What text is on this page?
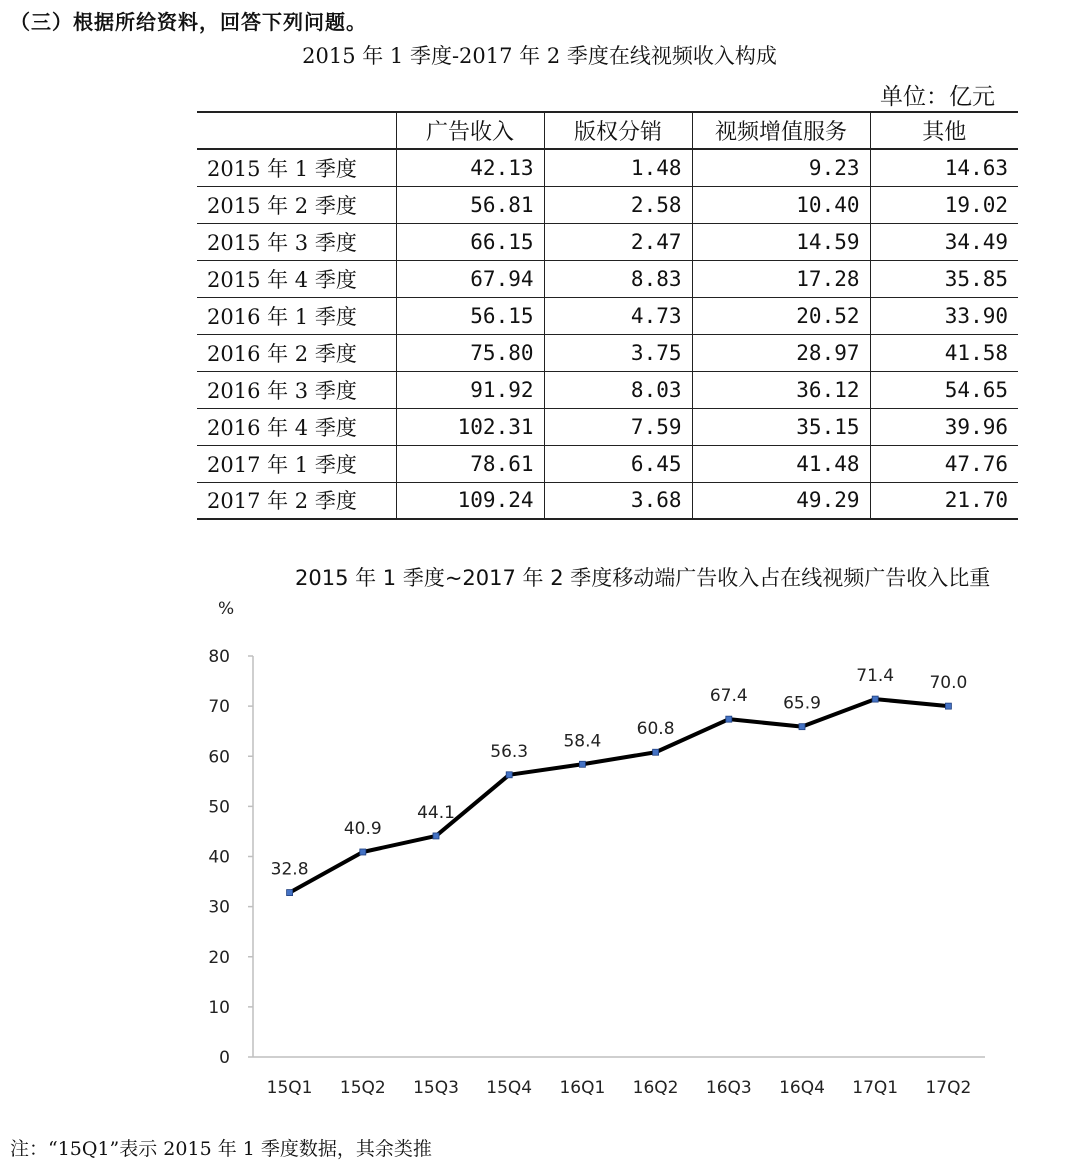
（三）根据所给资料，回答下列问题。
2015 年 1 季度-2017 年 2 季度在线视频收入构成
单位：亿元
	广告收入	版权分销	视频增值服务	其他
2015 年 1 季度	42.13	1.48	9.23	14.63
2015 年 2 季度	56.81	2.58	10.40	19.02
2015 年 3 季度	66.15	2.47	14.59	34.49
2015 年 4 季度	67.94	8.83	17.28	35.85
2016 年 1 季度	56.15	4.73	20.52	33.90
2016 年 2 季度	75.80	3.75	28.97	41.58
2016 年 3 季度	91.92	8.03	36.12	54.65
2016 年 4 季度	102.31	7.59	35.15	39.96
2017 年 1 季度	78.61	6.45	41.48	47.76
2017 年 2 季度	109.24	3.68	49.29	21.70
2015 年 1 季度~2017 年 2 季度移动端广告收入占在线视频广告收入比重
%
0
10
20
30
40
50
60
70
80
15Q1 15Q2 15Q3 15Q4 16Q1 16Q2 16Q3 16Q4 17Q1 17Q2
32.8
40.9
44.1
56.3
58.4
60.8
67.4 65.9
71.4 70.0
注：“15Q1”表示 2015 年 1 季度数据，其余类推
